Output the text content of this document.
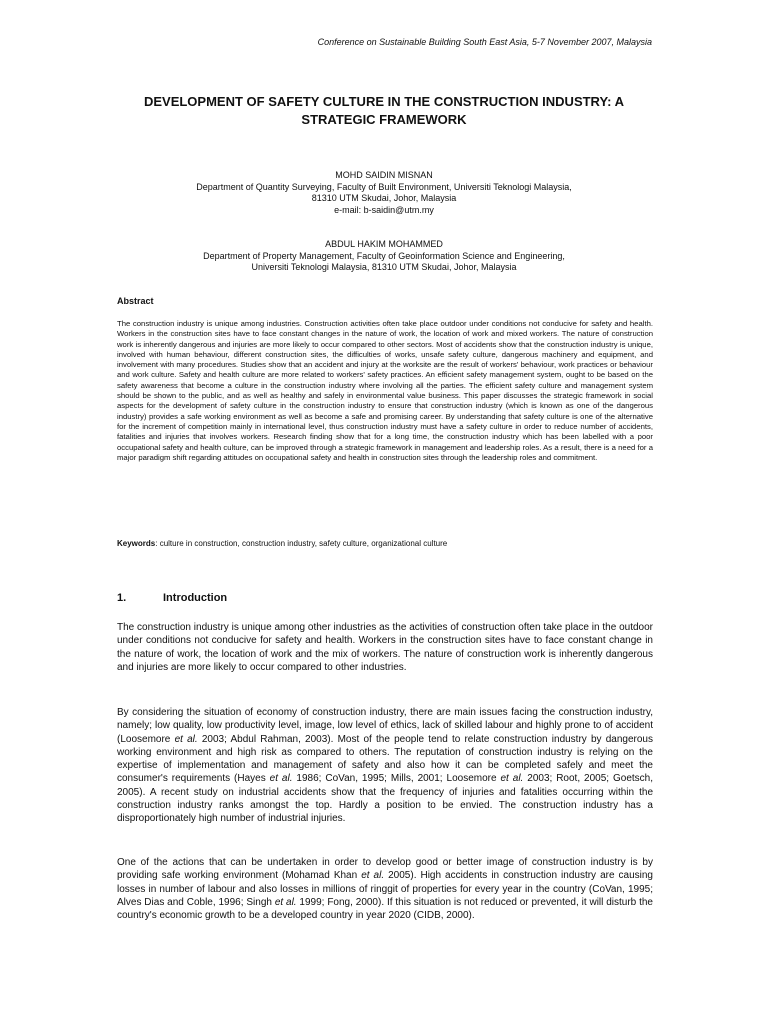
Conference on Sustainable Building South East Asia, 5-7 November 2007, Malaysia
DEVELOPMENT OF SAFETY CULTURE IN THE CONSTRUCTION INDUSTRY: A
STRATEGIC FRAMEWORK
MOHD SAIDIN MISNAN
Department of Quantity Surveying, Faculty of Built Environment, Universiti Teknologi Malaysia,
81310 UTM Skudai, Johor, Malaysia
e-mail: b-saidin@utm.my
ABDUL HAKIM MOHAMMED
Department of Property Management, Faculty of Geoinformation Science and Engineering,
Universiti Teknologi Malaysia, 81310 UTM Skudai, Johor, Malaysia
Abstract
The construction industry is unique among industries. Construction activities often take place outdoor under conditions not conducive for safety and health. Workers in the construction sites have to face constant changes in the nature of work, the location of work and mixed workers. The nature of construction work is inherently dangerous and injuries are more likely to occur compared to other sectors. Most of accidents show that the construction industry is unique, involved with human behaviour, different construction sites, the difficulties of works, unsafe safety culture, dangerous machinery and equipment, and involvement with many procedures. Studies show that an accident and injury at the worksite are the result of workers' behaviour, work practices or behaviour and work culture. Safety and health culture are more related to workers' safety practices. An efficient safety management system, ought to be based on the safety awareness that become a culture in the construction industry where involving all the parties. The efficient safety culture and management system should be shown to the public, and as well as healthy and safely in environmental value business. This paper discusses the strategic framework in social aspects for the development of safety culture in the construction industry to ensure that construction industry (which is known as one of the dangerous industry) provides a safe working environment as well as become a safe and promising career. By understanding that safety culture is one of the alternative for the increment of competition mainly in international level, thus construction industry must have a safety culture in order to reduce number of accidents, fatalities and injuries that involves workers. Research finding show that for a long time, the construction industry which has been labelled with a poor occupational safety and health culture, can be improved through a strategic framework in management and leadership roles. As a result, there is a need for a major paradigm shift regarding attitudes on occupational safety and health in construction sites through the leadership roles and commitment.
Keywords: culture in construction, construction industry, safety culture, organizational culture
1.	Introduction
The construction industry is unique among other industries as the activities of construction often take place in the outdoor under conditions not conducive for safety and health. Workers in the construction sites have to face constant change in the nature of work, the location of work and the mix of workers. The nature of construction work is inherently dangerous and injuries are more likely to occur compared to other industries.
By considering the situation of economy of construction industry, there are main issues facing the construction industry, namely; low quality, low productivity level, image, low level of ethics, lack of skilled labour and highly prone to of accident (Loosemore et al. 2003; Abdul Rahman, 2003). Most of the people tend to relate construction industry by dangerous working environment and high risk as compared to others. The reputation of construction industry is relying on the expertise of implementation and management of safety and also how it can be completed safely and meet the consumer's requirements (Hayes et al. 1986; CoVan, 1995; Mills, 2001; Loosemore et al. 2003; Root, 2005; Goetsch, 2005). A recent study on industrial accidents show that the frequency of injuries and fatalities occurring within the construction industry ranks amongst the top. Hardly a position to be envied. The construction industry has a disproportionately high number of industrial injuries.
One of the actions that can be undertaken in order to develop good or better image of construction industry is by providing safe working environment (Mohamad Khan et al. 2005). High accidents in construction industry are causing losses in number of labour and also losses in millions of ringgit of properties for every year in the country (CoVan, 1995; Alves Dias and Coble, 1996; Singh et al. 1999; Fong, 2000). If this situation is not reduced or prevented, it will disturb the country's economic growth to be a developed country in year 2020 (CIDB, 2000).
